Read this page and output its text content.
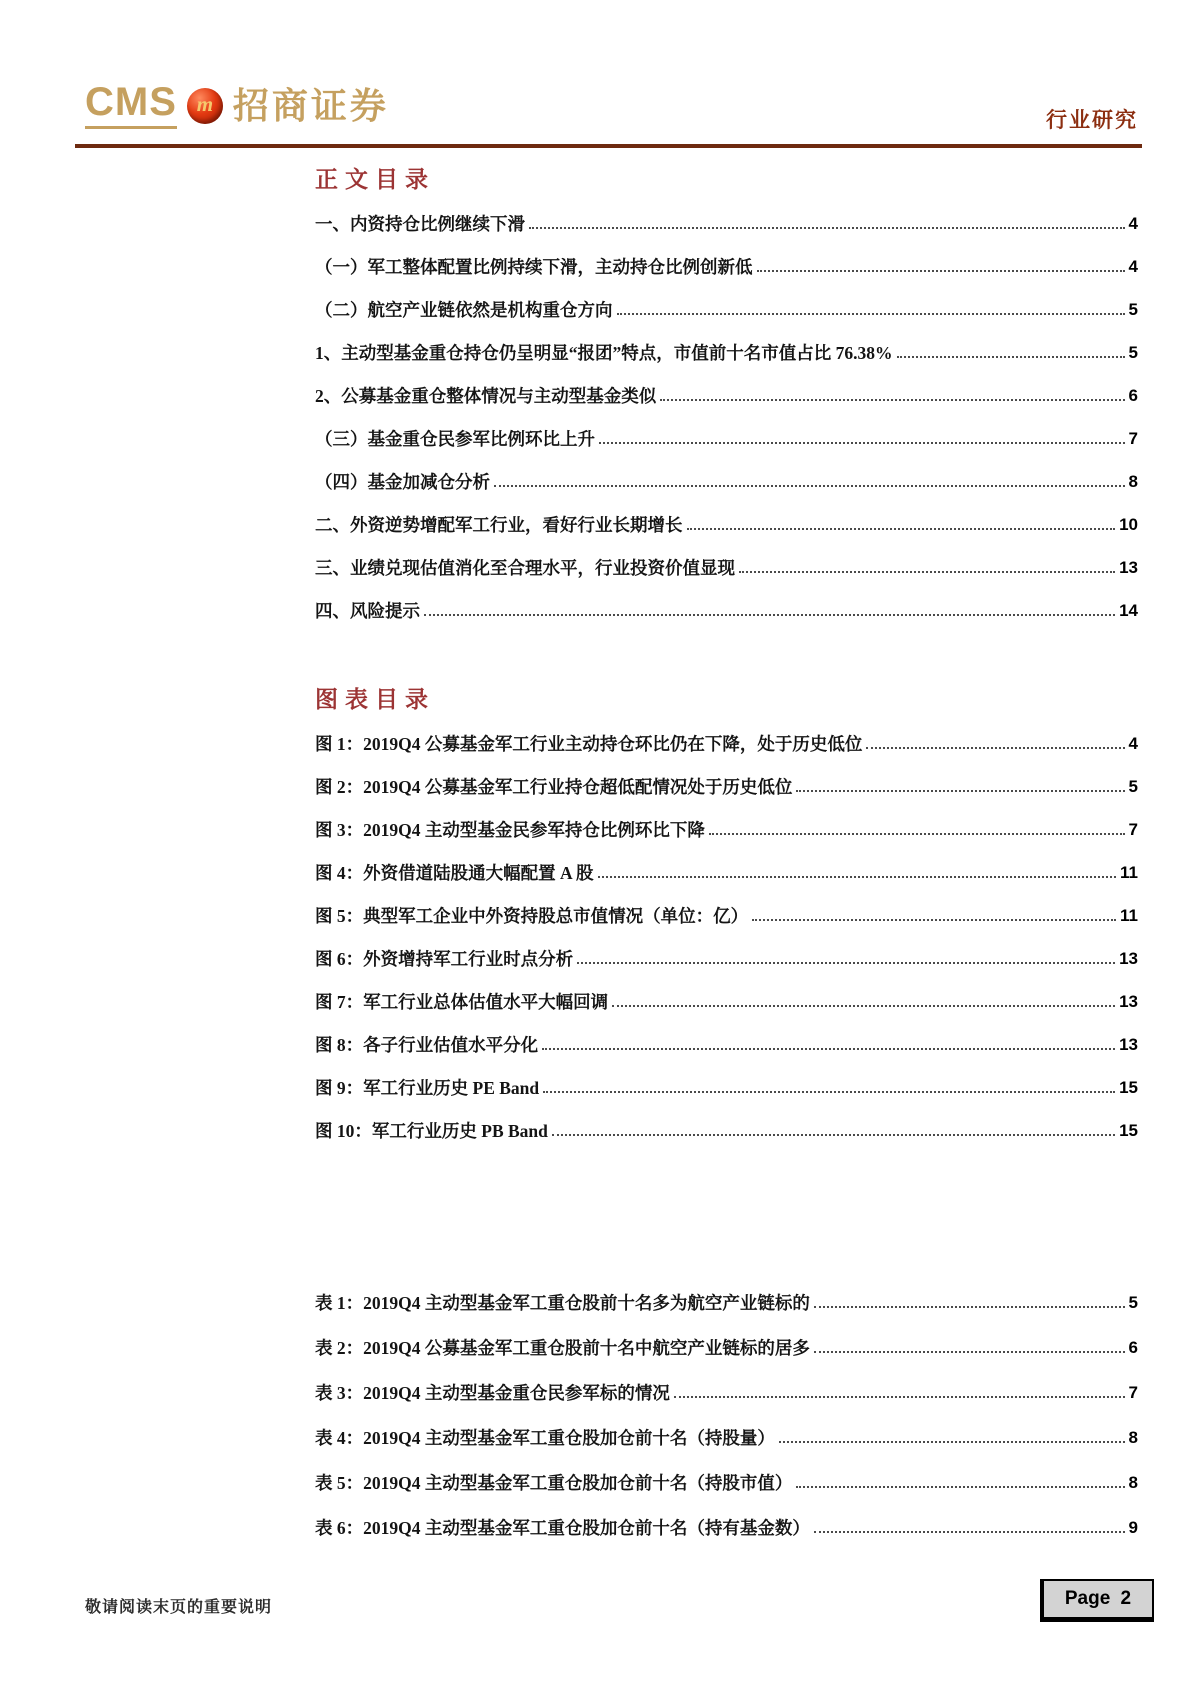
CMS m 招商证券	行业研究
正文目录
一、内资持仓比例继续下滑	4
（一）军工整体配置比例持续下滑，主动持仓比例创新低	4
（二）航空产业链依然是机构重仓方向	5
1、主动型基金重仓持仓仍呈明显“报团”特点，市值前十名市值占比 76.38%	5
2、公募基金重仓整体情况与主动型基金类似	6
（三）基金重仓民参军比例环比上升	7
（四）基金加减仓分析	8
二、外资逆势增配军工行业，看好行业长期增长	10
三、业绩兑现估值消化至合理水平，行业投资价值显现	13
四、风险提示	14
图表目录
图 1：2019Q4 公募基金军工行业主动持仓环比仍在下降，处于历史低位	4
图 2：2019Q4 公募基金军工行业持仓超低配情况处于历史低位	5
图 3：2019Q4 主动型基金民参军持仓比例环比下降	7
图 4：外资借道陆股通大幅配置 A 股	11
图 5：典型军工企业中外资持股总市值情况（单位：亿）	11
图 6：外资增持军工行业时点分析	13
图 7：军工行业总体估值水平大幅回调	13
图 8：各子行业估值水平分化	13
图 9：军工行业历史 PE Band	15
图 10：军工行业历史 PB Band	15
表 1：2019Q4 主动型基金军工重仓股前十名多为航空产业链标的	5
表 2：2019Q4 公募基金军工重仓股前十名中航空产业链标的居多	6
表 3：2019Q4 主动型基金重仓民参军标的情况	7
表 4：2019Q4 主动型基金军工重仓股加仓前十名（持股量）	8
表 5：2019Q4 主动型基金军工重仓股加仓前十名（持股市值）	8
表 6：2019Q4 主动型基金军工重仓股加仓前十名（持有基金数）	9
敬请阅读末页的重要说明	Page 2
